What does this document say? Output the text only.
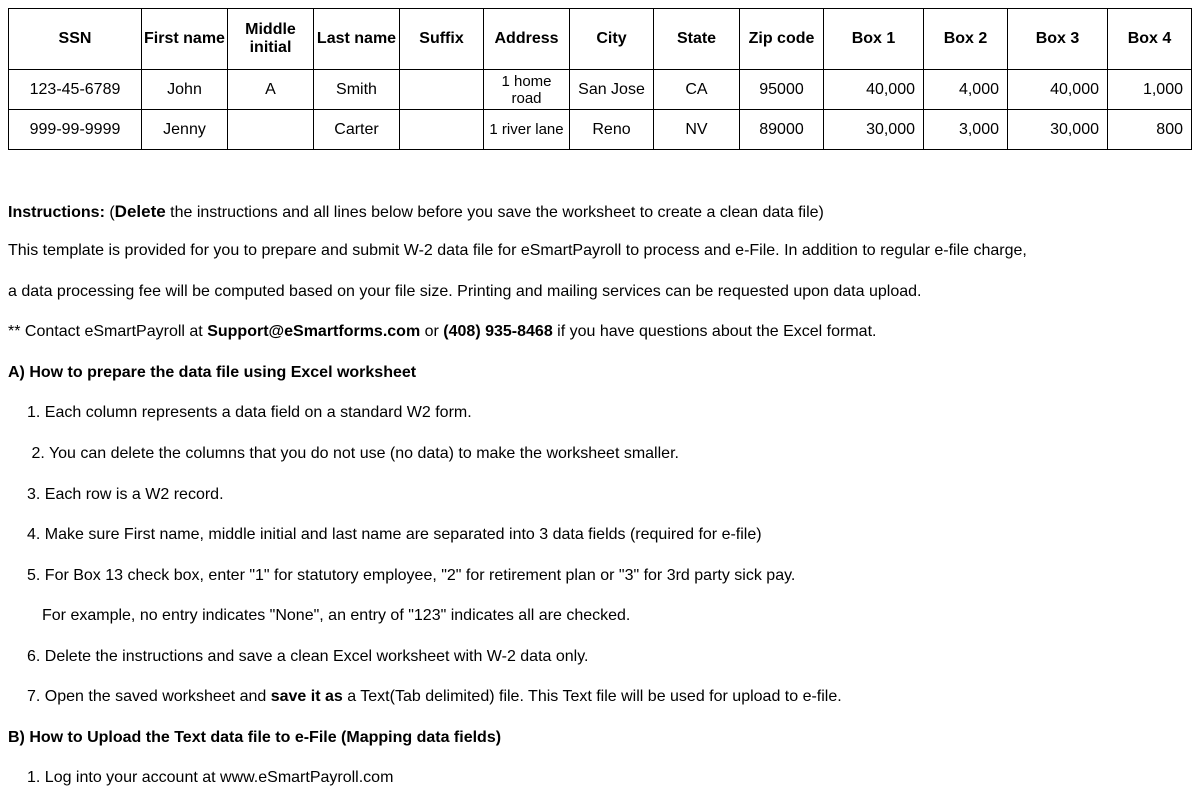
SSN	First name	Middle initial	Last name	Suffix	Address	City	State	Zip code	Box 1	Box 2	Box 3	Box 4
123-45-6789	John	A	Smith		1 home road	San Jose	CA	95000	40,000	4,000	40,000	1,000
999-99-9999	Jenny		Carter		1 river lane	Reno	NV	89000	30,000	3,000	30,000	800
Instructions: (Delete the instructions and all lines below before you save the worksheet to create a clean data file)
This template is provided for you to prepare and submit W-2 data file for eSmartPayroll to process and e-File. In addition to regular e-file charge,
a data processing fee will be computed based on your file size. Printing and mailing services can be requested upon data upload.
** Contact eSmartPayroll at Support@eSmartforms.com or (408) 935-8468 if you have questions about the Excel format.
A) How to prepare the data file using Excel worksheet
1. Each column represents a data field on a standard W2 form.
2. You can delete the columns that you do not use (no data) to make the worksheet smaller.
3. Each row is a W2 record.
4. Make sure First name, middle initial and last name are separated into 3 data fields (required for e-file)
5. For Box 13 check box, enter "1" for statutory employee, "2" for retirement plan or "3" for 3rd party sick pay.
For example, no entry indicates "None", an entry of "123" indicates all are checked.
6. Delete the instructions and save a clean Excel worksheet with W-2 data only.
7. Open the saved worksheet and save it as a Text(Tab delimited) file. This Text file will be used for upload to e-file.
B) How to Upload the Text data file to e-File (Mapping data fields)
1. Log into your account at www.eSmartPayroll.com
